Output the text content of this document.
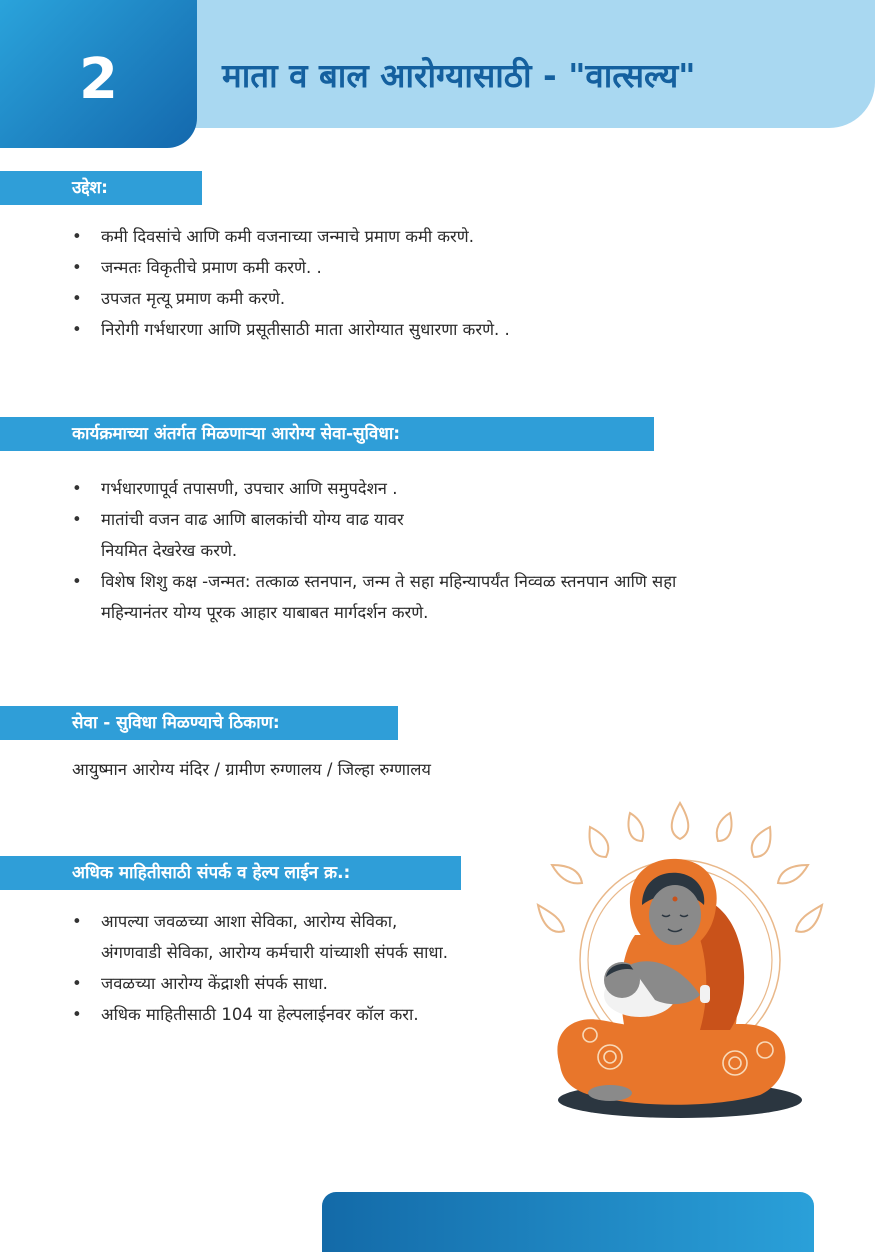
2	माता व बाल आरोग्यासाठी - "वात्सल्य"
उद्देश:
• कमी दिवसांचे आणि कमी वजनाच्या जन्माचे प्रमाण कमी करणे.
• जन्मतः विकृतीचे प्रमाण कमी करणे. .
• उपजत मृत्यू प्रमाण कमी करणे.
• निरोगी गर्भधारणा आणि प्रसूतीसाठी माता आरोग्यात सुधारणा करणे. .
कार्यक्रमाच्या अंतर्गत मिळणाऱ्या आरोग्य सेवा-सुविधा:
• गर्भधारणापूर्व तपासणी, उपचार आणि समुपदेशन .
• मातांची वजन वाढ आणि बालकांची योग्य वाढ यावर
नियमित देखरेख करणे.
• विशेष शिशु कक्ष -जन्मत: तत्काळ स्तनपान, जन्म ते सहा महिन्यापर्यंत निव्वळ स्तनपान आणि सहा
महिन्यानंतर योग्य पूरक आहार याबाबत मार्गदर्शन करणे.
सेवा - सुविधा मिळण्याचे ठिकाण:
आयुष्मान आरोग्य मंदिर / ग्रामीण रुग्णालय / जिल्हा रुग्णालय
अधिक माहितीसाठी संपर्क व हेल्प लाईन क्र.:
• आपल्या जवळच्या आशा सेविका, आरोग्य सेविका,
अंगणवाडी सेविका, आरोग्य कर्मचारी यांच्याशी संपर्क साधा.
• जवळच्या आरोग्य केंद्राशी संपर्क साधा.
• अधिक माहितीसाठी 104 या हेल्पलाईनवर कॉल करा.
